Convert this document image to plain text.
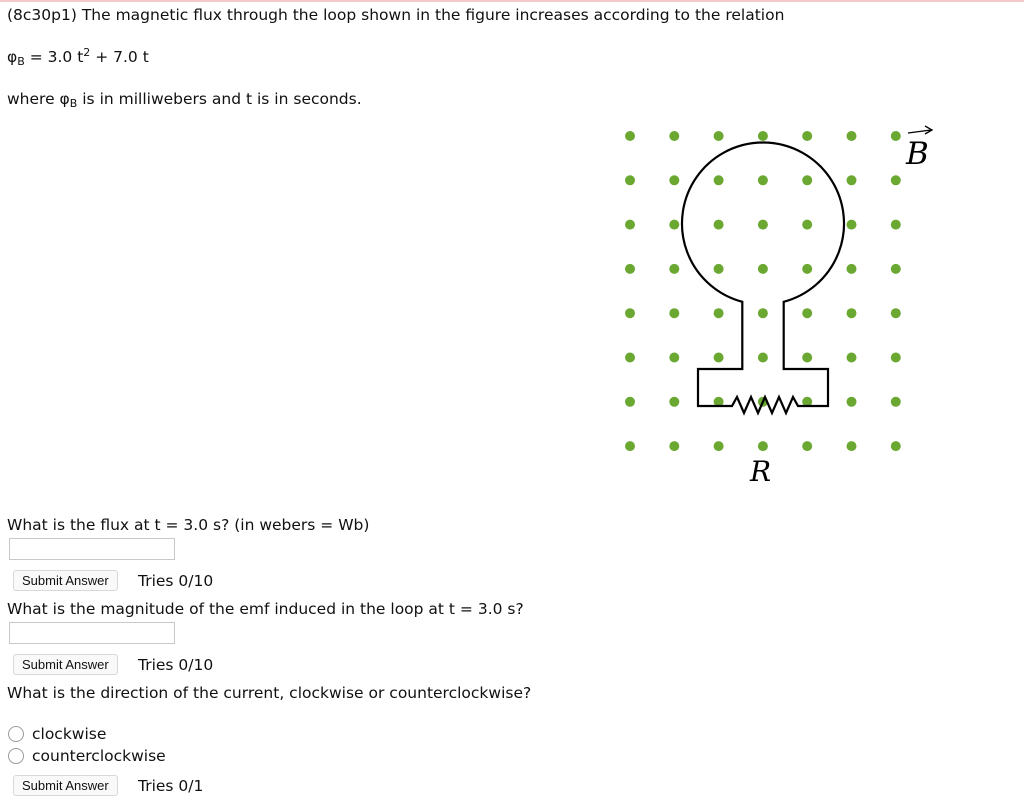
(8c30p1) The magnetic flux through the loop shown in the figure increases according to the relation
φB = 3.0 $t^2 + 7.0$ t
where φB is in milliwebers and t is in seconds.
B
R
What is the flux at t = 3.0 s? (in webers = Wb)
Submit Answer	Tries 0/10
What is the magnitude of the emf induced in the loop at t = 3.0 s?
Submit Answer	Tries 0/10
What is the direction of the current, clockwise or counterclockwise?
clockwise
counterclockwise
Submit Answer	Tries 0/1
